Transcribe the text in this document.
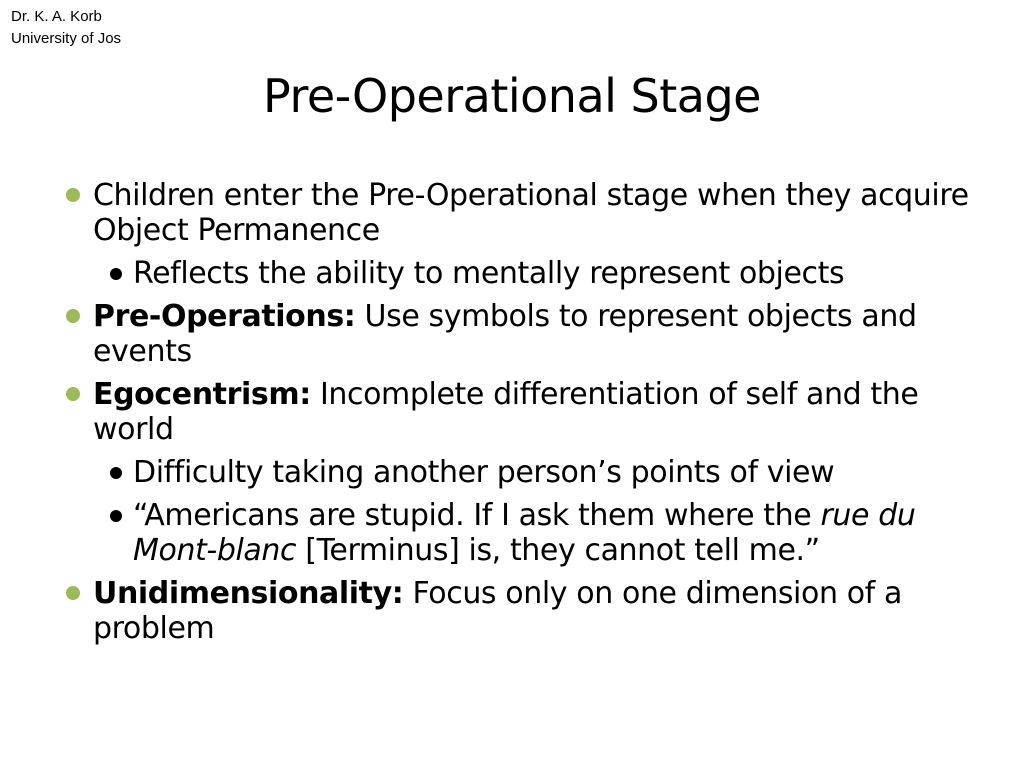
Dr. K. A. Korb
University of Jos
Pre-Operational Stage
Children enter the Pre-Operational stage when they acquire Object Permanence
Reflects the ability to mentally represent objects
Pre-Operations: Use symbols to represent objects and events
Egocentrism: Incomplete differentiation of self and the world
Difficulty taking another person’s points of view
“Americans are stupid. If I ask them where the rue du Mont-blanc [Terminus] is, they cannot tell me.”
Unidimensionality: Focus only on one dimension of a problem
